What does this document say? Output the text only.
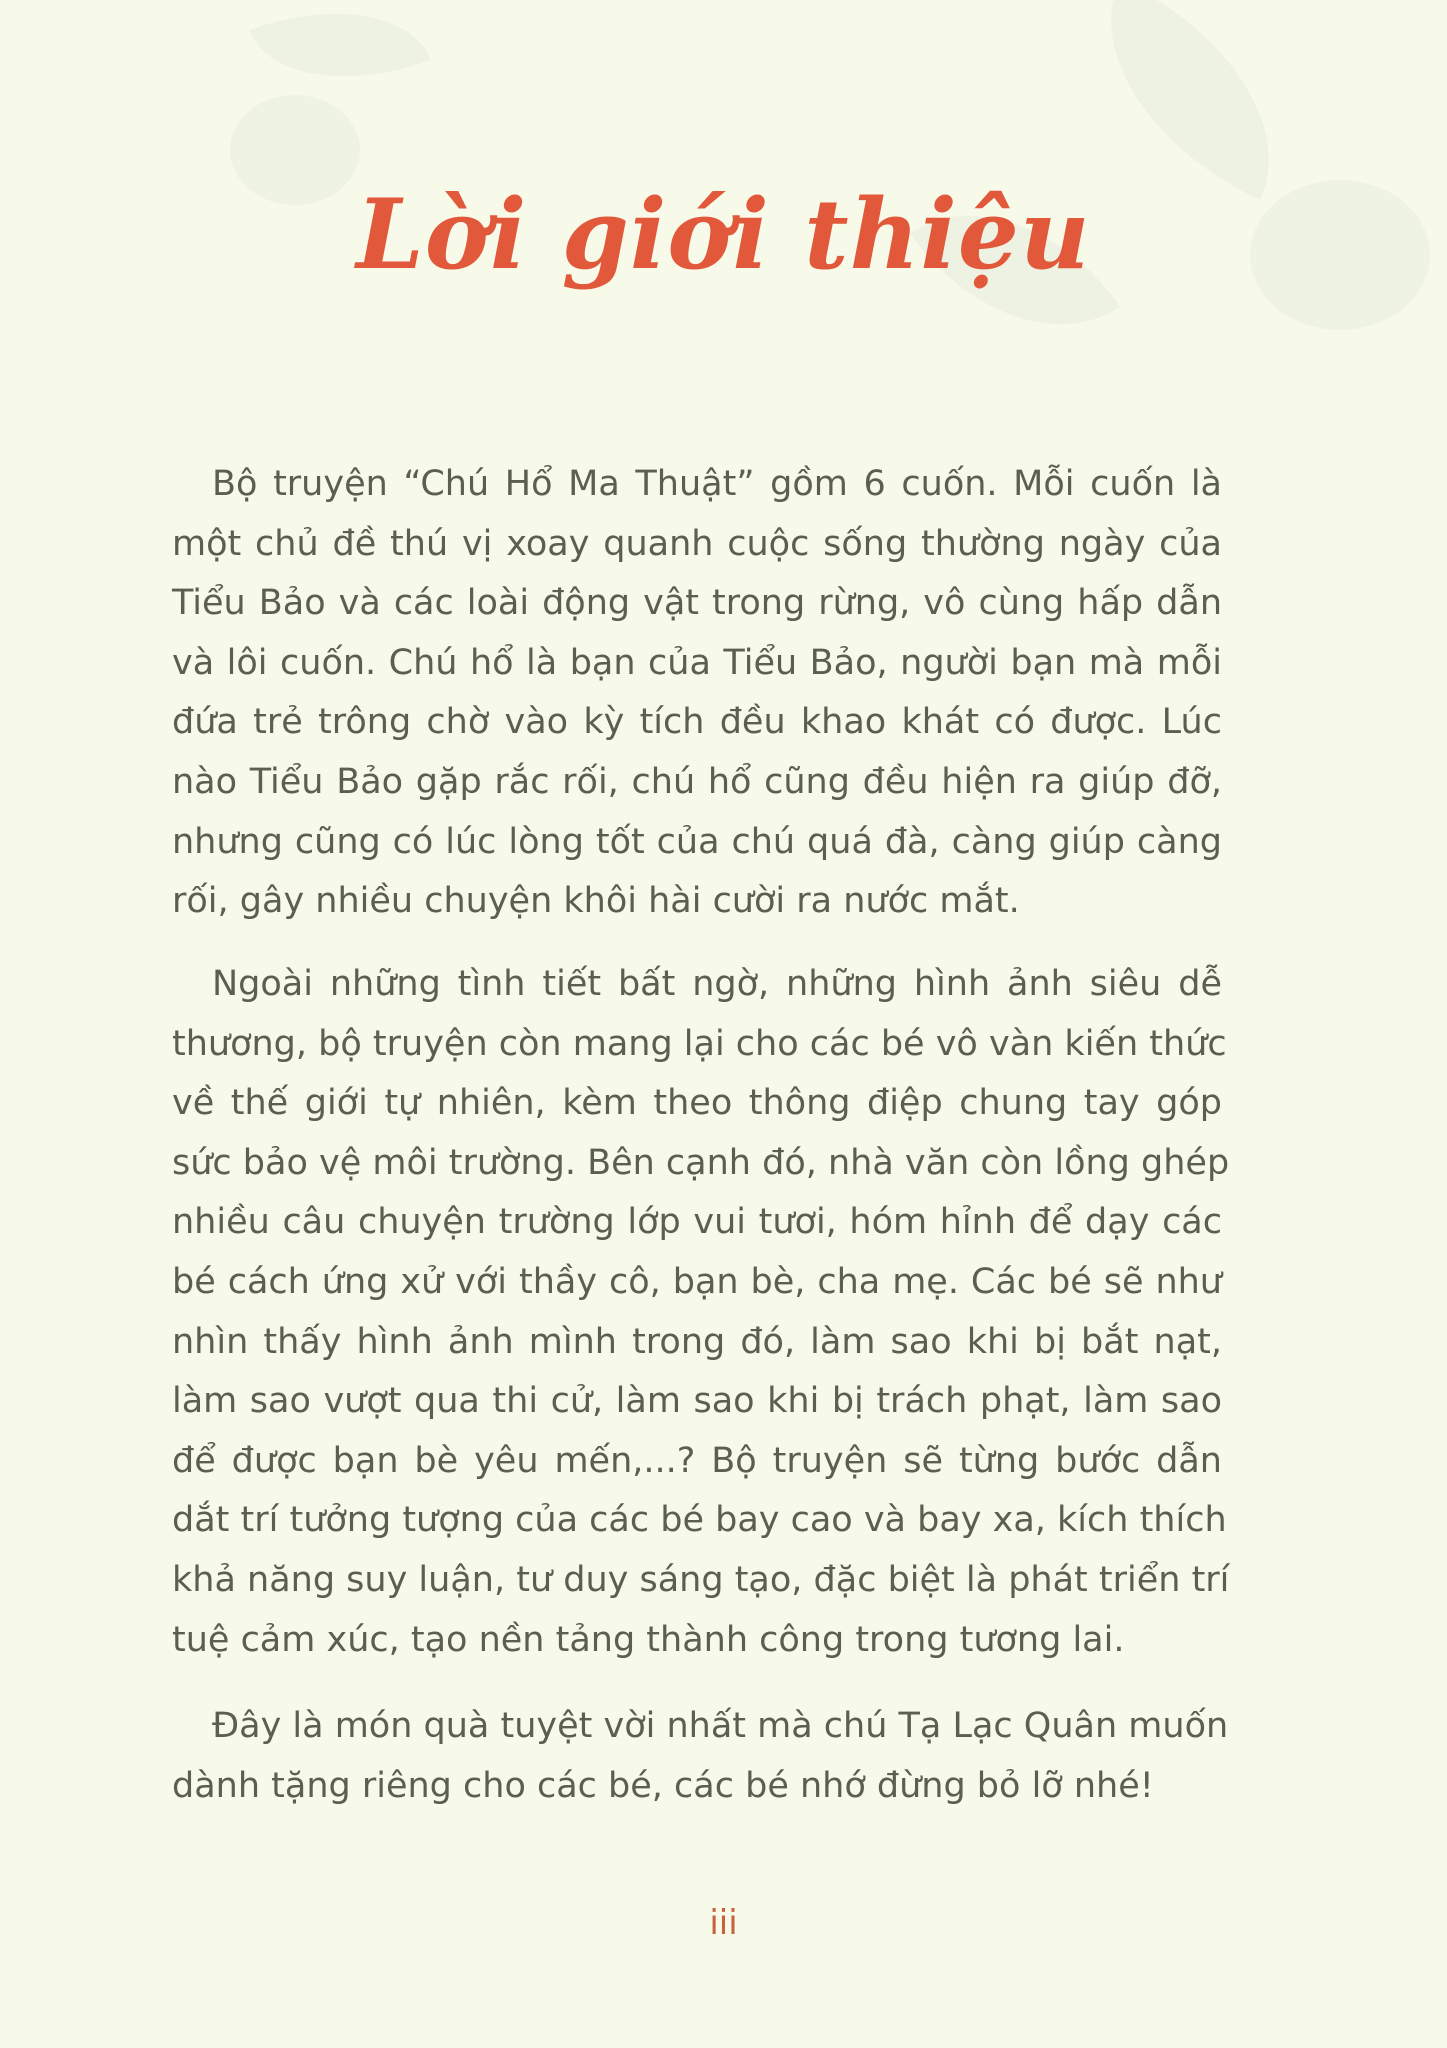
Lời giới thiệu
Bộ truyện “Chú Hổ Ma Thuật” gồm 6 cuốn. Mỗi cuốn là
một chủ đề thú vị xoay quanh cuộc sống thường ngày của
Tiểu Bảo và các loài động vật trong rừng, vô cùng hấp dẫn
và lôi cuốn. Chú hổ là bạn của Tiểu Bảo, người bạn mà mỗi
đứa trẻ trông chờ vào kỳ tích đều khao khát có được. Lúc
nào Tiểu Bảo gặp rắc rối, chú hổ cũng đều hiện ra giúp đỡ,
nhưng cũng có lúc lòng tốt của chú quá đà, càng giúp càng
rối, gây nhiều chuyện khôi hài cười ra nước mắt.
Ngoài những tình tiết bất ngờ, những hình ảnh siêu dễ
thương, bộ truyện còn mang lại cho các bé vô vàn kiến thức
về thế giới tự nhiên, kèm theo thông điệp chung tay góp
sức bảo vệ môi trường. Bên cạnh đó, nhà văn còn lồng ghép
nhiều câu chuyện trường lớp vui tươi, hóm hỉnh để dạy các
bé cách ứng xử với thầy cô, bạn bè, cha mẹ. Các bé sẽ như
nhìn thấy hình ảnh mình trong đó, làm sao khi bị bắt nạt,
làm sao vượt qua thi cử, làm sao khi bị trách phạt, làm sao
để được bạn bè yêu mến,...? Bộ truyện sẽ từng bước dẫn
dắt trí tưởng tượng của các bé bay cao và bay xa, kích thích
khả năng suy luận, tư duy sáng tạo, đặc biệt là phát triển trí
tuệ cảm xúc, tạo nền tảng thành công trong tương lai.
Đây là món quà tuyệt vời nhất mà chú Tạ Lạc Quân muốn
dành tặng riêng cho các bé, các bé nhớ đừng bỏ lỡ nhé!
iii
